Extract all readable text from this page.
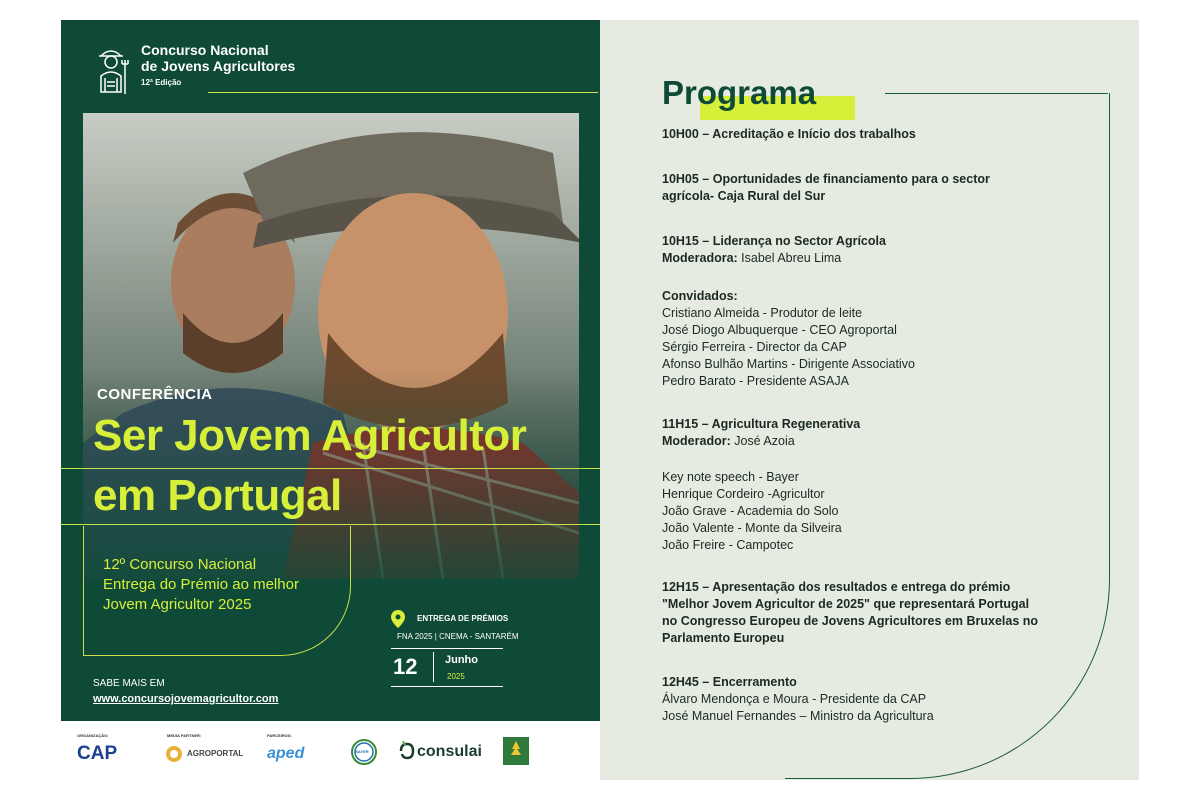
Concurso Nacional
de Jovens Agricultores
12ª Edição
CONFERÊNCIA
Ser Jovem Agricultor
em Portugal
12º Concurso Nacional
Entrega do Prémio ao melhor
Jovem Agricultor 2025
ENTREGA DE PRÉMIOS
FNA 2025 | CNEMA - SANTARÉM
12	Junho
2025
SABE MAIS EM
www.concursojovemagricultor.com
ORGANIZAÇÃO:	MEDIA PARTNER:	PARCEIROS:
CAP	AGROPORTAL aped	BAYER	consulai
Programa
10H00 – Acreditação e Início dos trabalhos
10H05 – Oportunidades de financiamento para o sector
agrícola- Caja Rural del Sur
10H15 – Liderança no Sector Agrícola
Moderadora: Isabel Abreu Lima
Convidados:
Cristiano Almeida - Produtor de leite
José Diogo Albuquerque - CEO Agroportal
Sérgio Ferreira - Director da CAP
Afonso Bulhão Martins - Dirigente Associativo
Pedro Barato - Presidente ASAJA
11H15 – Agricultura Regenerativa
Moderador: José Azoia
Key note speech - Bayer
Henrique Cordeiro -Agricultor
João Grave - Academia do Solo
João Valente - Monte da Silveira
João Freire - Campotec
12H15 – Apresentação dos resultados e entrega do prémio
"Melhor Jovem Agricultor de 2025" que representará Portugal
no Congresso Europeu de Jovens Agricultores em Bruxelas no
Parlamento Europeu
12H45 – Encerramento
Álvaro Mendonça e Moura - Presidente da CAP
José Manuel Fernandes – Ministro da Agricultura
